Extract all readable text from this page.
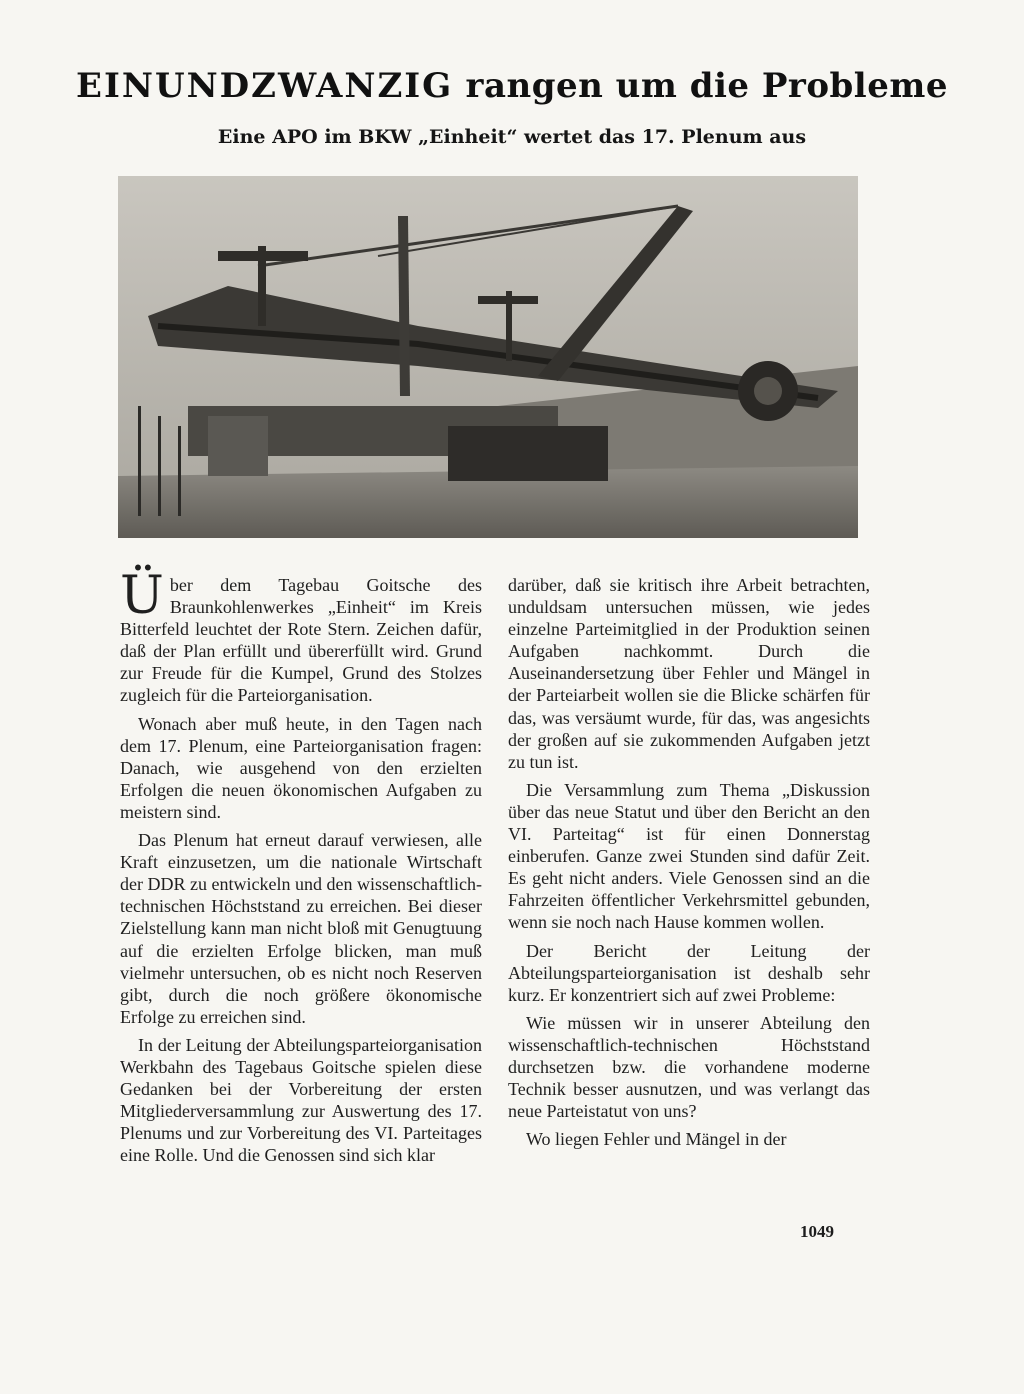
EINUNDZWANZIG rangen um die Probleme
Eine APO im BKW „Einheit“ wertet das 17. Plenum aus

Über dem Tagebau Goitsche des Braunkohlenwerkes „Einheit“ im Kreis Bitterfeld leuchtet der Rote Stern. Zeichen dafür, daß der Plan erfüllt und übererfüllt wird. Grund zur Freude für die Kumpel, Grund des Stolzes zugleich für die Parteiorganisation.

Wonach aber muß heute, in den Tagen nach dem 17. Plenum, eine Parteiorganisation fragen: Danach, wie ausgehend von den erzielten Erfolgen die neuen ökonomischen Aufgaben zu meistern sind.

Das Plenum hat erneut darauf verwiesen, alle Kraft einzusetzen, um die nationale Wirtschaft der DDR zu entwickeln und den wissenschaftlich-technischen Höchststand zu erreichen. Bei dieser Zielstellung kann man nicht bloß mit Genugtuung auf die erzielten Erfolge blicken, man muß vielmehr untersuchen, ob es nicht noch Reserven gibt, durch die noch größere ökonomische Erfolge zu erreichen sind.

In der Leitung der Abteilungsparteiorganisation Werkbahn des Tagebaus Goitsche spielen diese Gedanken bei der Vorbereitung der ersten Mitgliederversammlung zur Auswertung des 17. Plenums und zur Vorbereitung des VI. Parteitages eine Rolle. Und die Genossen sind sich klar

darüber, daß sie kritisch ihre Arbeit betrachten, unduldsam untersuchen müssen, wie jedes einzelne Parteimitglied in der Produktion seinen Aufgaben nachkommt. Durch die Auseinandersetzung über Fehler und Mängel in der Parteiarbeit wollen sie die Blicke schärfen für das, was versäumt wurde, für das, was angesichts der großen auf sie zukommenden Aufgaben jetzt zu tun ist.

Die Versammlung zum Thema „Diskussion über das neue Statut und über den Bericht an den VI. Parteitag“ ist für einen Donnerstag einberufen. Ganze zwei Stunden sind dafür Zeit. Es geht nicht anders. Viele Genossen sind an die Fahrzeiten öffentlicher Verkehrsmittel gebunden, wenn sie noch nach Hause kommen wollen.

Der Bericht der Leitung der Abteilungsparteiorganisation ist deshalb sehr kurz. Er konzentriert sich auf zwei Probleme:

Wie müssen wir in unserer Abteilung den wissenschaftlich-technischen Höchststand durchsetzen bzw. die vorhandene moderne Technik besser ausnutzen, und was verlangt das neue Parteistatut von uns?

Wo liegen Fehler und Mängel in der

1049
